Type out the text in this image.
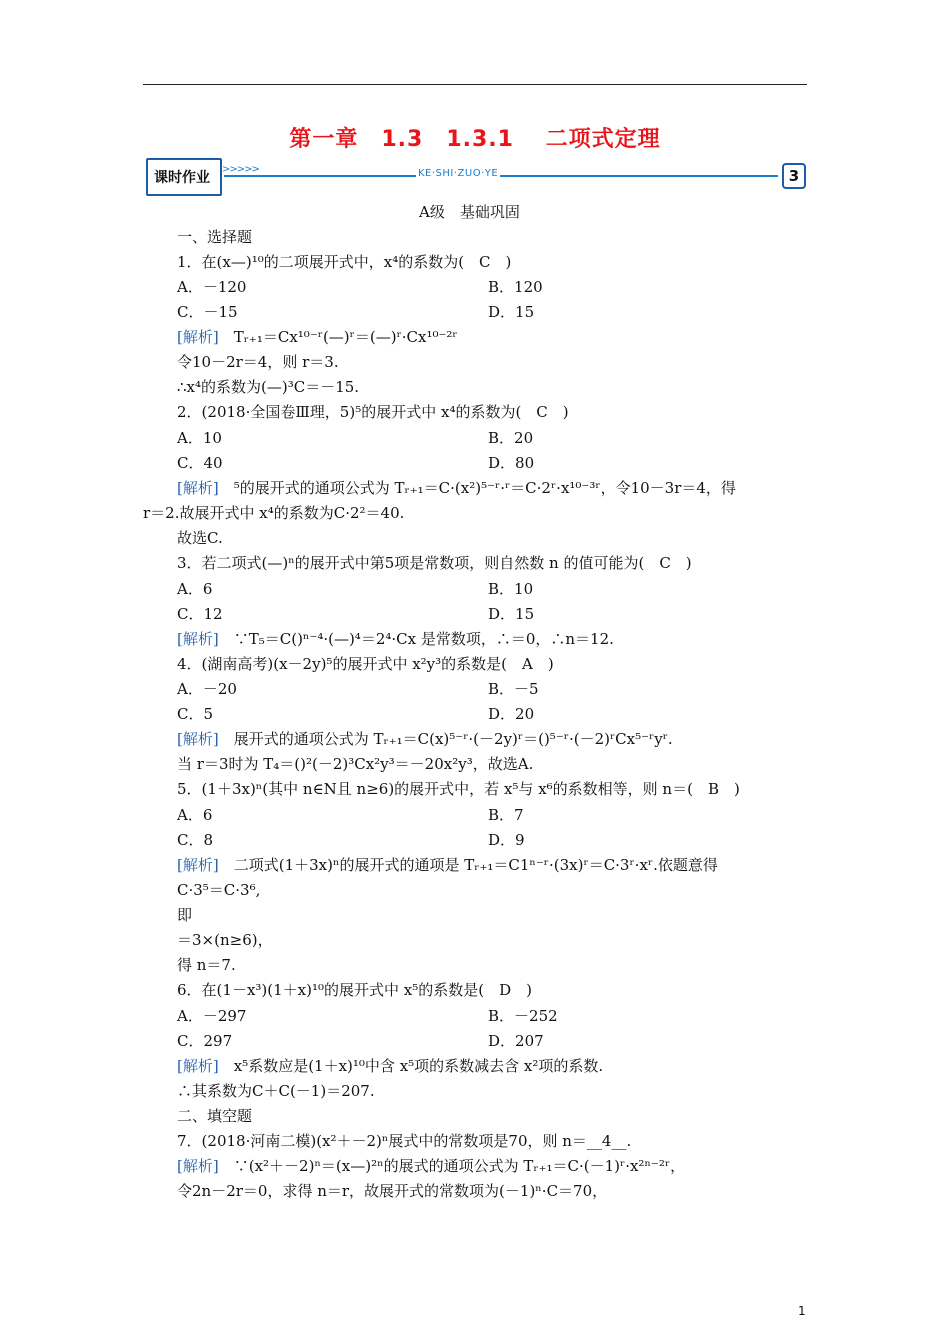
第一章　1.3　1.3.1　 二项式定理
课时作业
>>>>>	KE·SHI·ZUO·YE	3
A级　基础巩固
一、选择题
1．在(x—)¹⁰的二项展开式中，x⁴的系数为(　C　)
A．－120	B．120
C．－15	D．15
[解析]　Tᵣ₊₁＝Cx¹⁰⁻ʳ(—)ʳ＝(—)ʳ·Cx¹⁰⁻²ʳ
令10－2r＝4，则 r＝3.
∴x⁴的系数为(—)³C＝－15.
2．(2018·全国卷Ⅲ理，5)⁵的展开式中 x⁴的系数为(　C　)
A．10	B．20
C．40	D．80
[解析]　⁵的展开式的通项公式为 Tᵣ₊₁＝C·(x²)⁵⁻ʳ·ʳ＝C·2ʳ·x¹⁰⁻³ʳ，令10－3r＝4，得
r＝2.故展开式中 x⁴的系数为C·2²＝40.
故选C.
3．若二项式(—)ⁿ的展开式中第5项是常数项，则自然数 n 的值可能为(　C　)
A．6	B．10
C．12	D．15
[解析]　∵T₅＝C()ⁿ⁻⁴·(—)⁴＝2⁴·Cx 是常数项，∴＝0，∴n＝12.
4．(湖南高考)(x－2y)⁵的展开式中 x²y³的系数是(　A　)
A．－20	B．－5
C．5	D．20
[解析]　展开式的通项公式为 Tᵣ₊₁＝C(x)⁵⁻ʳ·(－2y)ʳ＝()⁵⁻ʳ·(－2)ʳCx⁵⁻ʳyʳ.
当 r＝3时为 T₄＝()²(－2)³Cx²y³＝－20x²y³，故选A.
5．(1＋3x)ⁿ(其中 n∈N且 n≥6)的展开式中，若 x⁵与 x⁶的系数相等，则 n＝(　B　)
A．6	B．7
C．8	D．9
[解析]　二项式(1＋3x)ⁿ的展开式的通项是 Tᵣ₊₁＝C1ⁿ⁻ʳ·(3x)ʳ＝C·3ʳ·xʳ.依题意得
C·3⁵＝C·3⁶,
即
＝3×(n≥6)，
得 n＝7.
6．在(1－x³)(1＋x)¹⁰的展开式中 x⁵的系数是(　D　)
A．－297	B．－252
C．297	D．207
[解析]　x⁵系数应是(1＋x)¹⁰中含 x⁵项的系数减去含 x²项的系数.
∴其系数为C＋C(－1)＝207.
二、填空题
7．(2018·河南二模)(x²＋－2)ⁿ展式中的常数项是70，则 n＝__4__.
[解析]　∵(x²＋－2)ⁿ＝(x—)²ⁿ的展式的通项公式为 Tᵣ₊₁＝C·(－1)ʳ·x²ⁿ⁻²ʳ，
令2n－2r＝0，求得 n＝r，故展开式的常数项为(－1)ⁿ·C＝70，
1
